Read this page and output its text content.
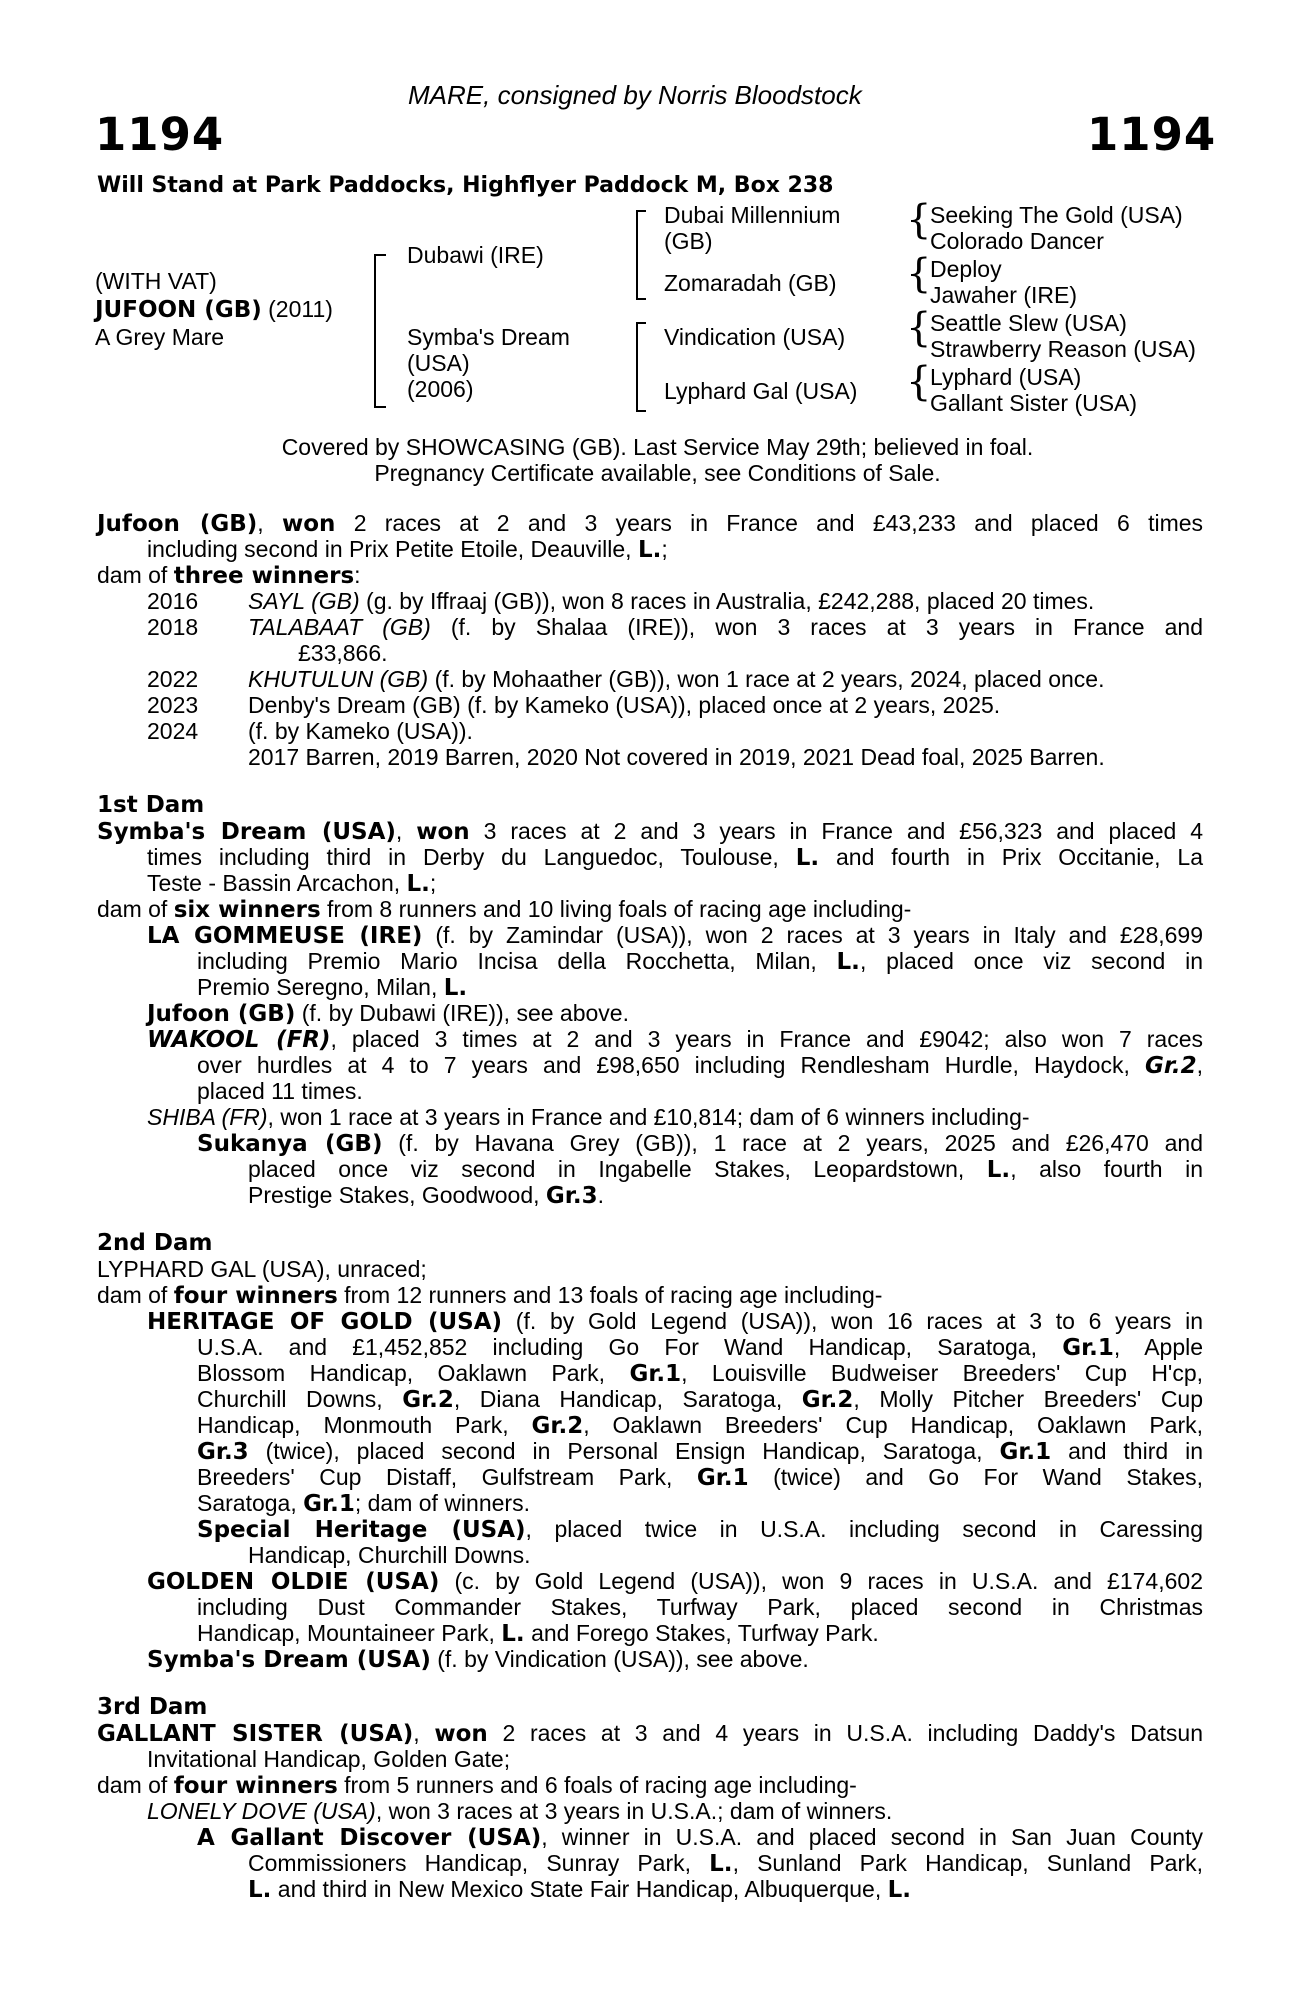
MARE, consigned by Norris Bloodstock
1194	1194
Will Stand at Park Paddocks, Highflyer Paddock M, Box 238
(WITH VAT)
JUFOON (GB) (2011)
A Grey Mare
Dubawi (IRE)
Symba's Dream
(USA)
(2006)
Dubai Millennium
(GB)
Zomaradah (GB)
Vindication (USA)
Lyphard Gal (USA)
{
{
{
{
Seeking The Gold (USA)
Colorado Dancer
Deploy
Jawaher (IRE)
Seattle Slew (USA)
Strawberry Reason (USA)
Lyphard (USA)
Gallant Sister (USA)
Covered by SHOWCASING (GB). Last Service May 29th; believed in foal.
Pregnancy Certificate available, see Conditions of Sale.
Jufoon (GB), won 2 races at 2 and 3 years in France and £43,233 and placed 6 times
including second in Prix Petite Etoile, Deauville, L.;
dam of three winners:
2016 SAYL (GB) (g. by Iffraaj (GB)), won 8 races in Australia, £242,288, placed 20 times.
2018 TALABAAT (GB) (f. by Shalaa (IRE)), won 3 races at 3 years in France and
£33,866.
2022 KHUTULUN (GB) (f. by Mohaather (GB)), won 1 race at 2 years, 2024, placed once.
2023 Denby's Dream (GB) (f. by Kameko (USA)), placed once at 2 years, 2025.
2024 (f. by Kameko (USA)).
2017 Barren, 2019 Barren, 2020 Not covered in 2019, 2021 Dead foal, 2025 Barren.
1st Dam
Symba's Dream (USA), won 3 races at 2 and 3 years in France and £56,323 and placed 4
times including third in Derby du Languedoc, Toulouse, L. and fourth in Prix Occitanie, La
Teste - Bassin Arcachon, L.;
dam of six winners from 8 runners and 10 living foals of racing age including-
LA GOMMEUSE (IRE) (f. by Zamindar (USA)), won 2 races at 3 years in Italy and £28,699
including Premio Mario Incisa della Rocchetta, Milan, L., placed once viz second in
Premio Seregno, Milan, L.
Jufoon (GB) (f. by Dubawi (IRE)), see above.
WAKOOL (FR), placed 3 times at 2 and 3 years in France and £9042; also won 7 races
over hurdles at 4 to 7 years and £98,650 including Rendlesham Hurdle, Haydock, Gr.2,
placed 11 times.
SHIBA (FR), won 1 race at 3 years in France and £10,814; dam of 6 winners including-
Sukanya (GB) (f. by Havana Grey (GB)), 1 race at 2 years, 2025 and £26,470 and
placed once viz second in Ingabelle Stakes, Leopardstown, L., also fourth in
Prestige Stakes, Goodwood, Gr.3.
2nd Dam
LYPHARD GAL (USA), unraced;
dam of four winners from 12 runners and 13 foals of racing age including-
HERITAGE OF GOLD (USA) (f. by Gold Legend (USA)), won 16 races at 3 to 6 years in
U.S.A. and £1,452,852 including Go For Wand Handicap, Saratoga, Gr.1, Apple
Blossom Handicap, Oaklawn Park, Gr.1, Louisville Budweiser Breeders' Cup H'cp,
Churchill Downs, Gr.2, Diana Handicap, Saratoga, Gr.2, Molly Pitcher Breeders' Cup
Handicap, Monmouth Park, Gr.2, Oaklawn Breeders' Cup Handicap, Oaklawn Park,
Gr.3 (twice), placed second in Personal Ensign Handicap, Saratoga, Gr.1 and third in
Breeders' Cup Distaff, Gulfstream Park, Gr.1 (twice) and Go For Wand Stakes,
Saratoga, Gr.1; dam of winners.
Special Heritage (USA), placed twice in U.S.A. including second in Caressing
Handicap, Churchill Downs.
GOLDEN OLDIE (USA) (c. by Gold Legend (USA)), won 9 races in U.S.A. and £174,602
including Dust Commander Stakes, Turfway Park, placed second in Christmas
Handicap, Mountaineer Park, L. and Forego Stakes, Turfway Park.
Symba's Dream (USA) (f. by Vindication (USA)), see above.
3rd Dam
GALLANT SISTER (USA), won 2 races at 3 and 4 years in U.S.A. including Daddy's Datsun
Invitational Handicap, Golden Gate;
dam of four winners from 5 runners and 6 foals of racing age including-
LONELY DOVE (USA), won 3 races at 3 years in U.S.A.; dam of winners.
A Gallant Discover (USA), winner in U.S.A. and placed second in San Juan County
Commissioners Handicap, Sunray Park, L., Sunland Park Handicap, Sunland Park,
L. and third in New Mexico State Fair Handicap, Albuquerque, L.
